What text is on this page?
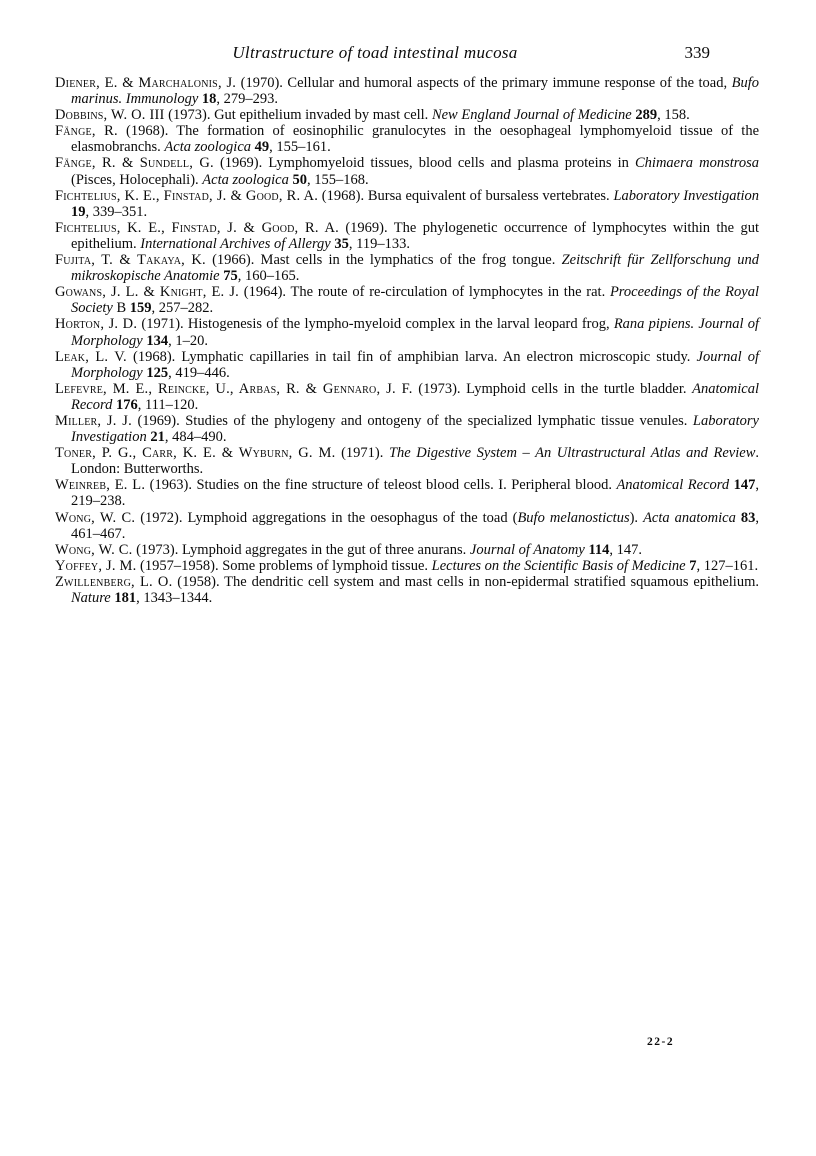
Ultrastructure of toad intestinal mucosa	339

Diener, E. & Marchalonis, J. (1970). Cellular and humoral aspects of the primary immune response of the toad, Bufo marinus. Immunology 18, 279–293.

Dobbins, W. O. III (1973). Gut epithelium invaded by mast cell. New England Journal of Medicine 289, 158.

Fänge, R. (1968). The formation of eosinophilic granulocytes in the oesophageal lymphomyeloid tissue of the elasmobranchs. Acta zoologica 49, 155–161.

Fänge, R. & Sundell, G. (1969). Lymphomyeloid tissues, blood cells and plasma proteins in Chimaera monstrosa (Pisces, Holocephali). Acta zoologica 50, 155–168.

Fichtelius, K. E., Finstad, J. & Good, R. A. (1968). Bursa equivalent of bursaless vertebrates. Laboratory Investigation 19, 339–351.

Fichtelius, K. E., Finstad, J. & Good, R. A. (1969). The phylogenetic occurrence of lymphocytes within the gut epithelium. International Archives of Allergy 35, 119–133.

Fujita, T. & Takaya, K. (1966). Mast cells in the lymphatics of the frog tongue. Zeitschrift für Zellforschung und mikroskopische Anatomie 75, 160–165.

Gowans, J. L. & Knight, E. J. (1964). The route of re-circulation of lymphocytes in the rat. Proceedings of the Royal Society B 159, 257–282.

Horton, J. D. (1971). Histogenesis of the lympho-myeloid complex in the larval leopard frog, Rana pipiens. Journal of Morphology 134, 1–20.

Leak, L. V. (1968). Lymphatic capillaries in tail fin of amphibian larva. An electron microscopic study. Journal of Morphology 125, 419–446.

Lefevre, M. E., Reincke, U., Arbas, R. & Gennaro, J. F. (1973). Lymphoid cells in the turtle bladder. Anatomical Record 176, 111–120.

Miller, J. J. (1969). Studies of the phylogeny and ontogeny of the specialized lymphatic tissue venules. Laboratory Investigation 21, 484–490.

Toner, P. G., Carr, K. E. & Wyburn, G. M. (1971). The Digestive System – An Ultrastructural Atlas and Review. London: Butterworths.

Weinreb, E. L. (1963). Studies on the fine structure of teleost blood cells. I. Peripheral blood. Anatomical Record 147, 219–238.

Wong, W. C. (1972). Lymphoid aggregations in the oesophagus of the toad (Bufo melanostictus). Acta anatomica 83, 461–467.

Wong, W. C. (1973). Lymphoid aggregates in the gut of three anurans. Journal of Anatomy 114, 147.

Yoffey, J. M. (1957–1958). Some problems of lymphoid tissue. Lectures on the Scientific Basis of Medicine 7, 127–161.

Zwillenberg, L. O. (1958). The dendritic cell system and mast cells in non-epidermal stratified squamous epithelium. Nature 181, 1343–1344.

22-2
